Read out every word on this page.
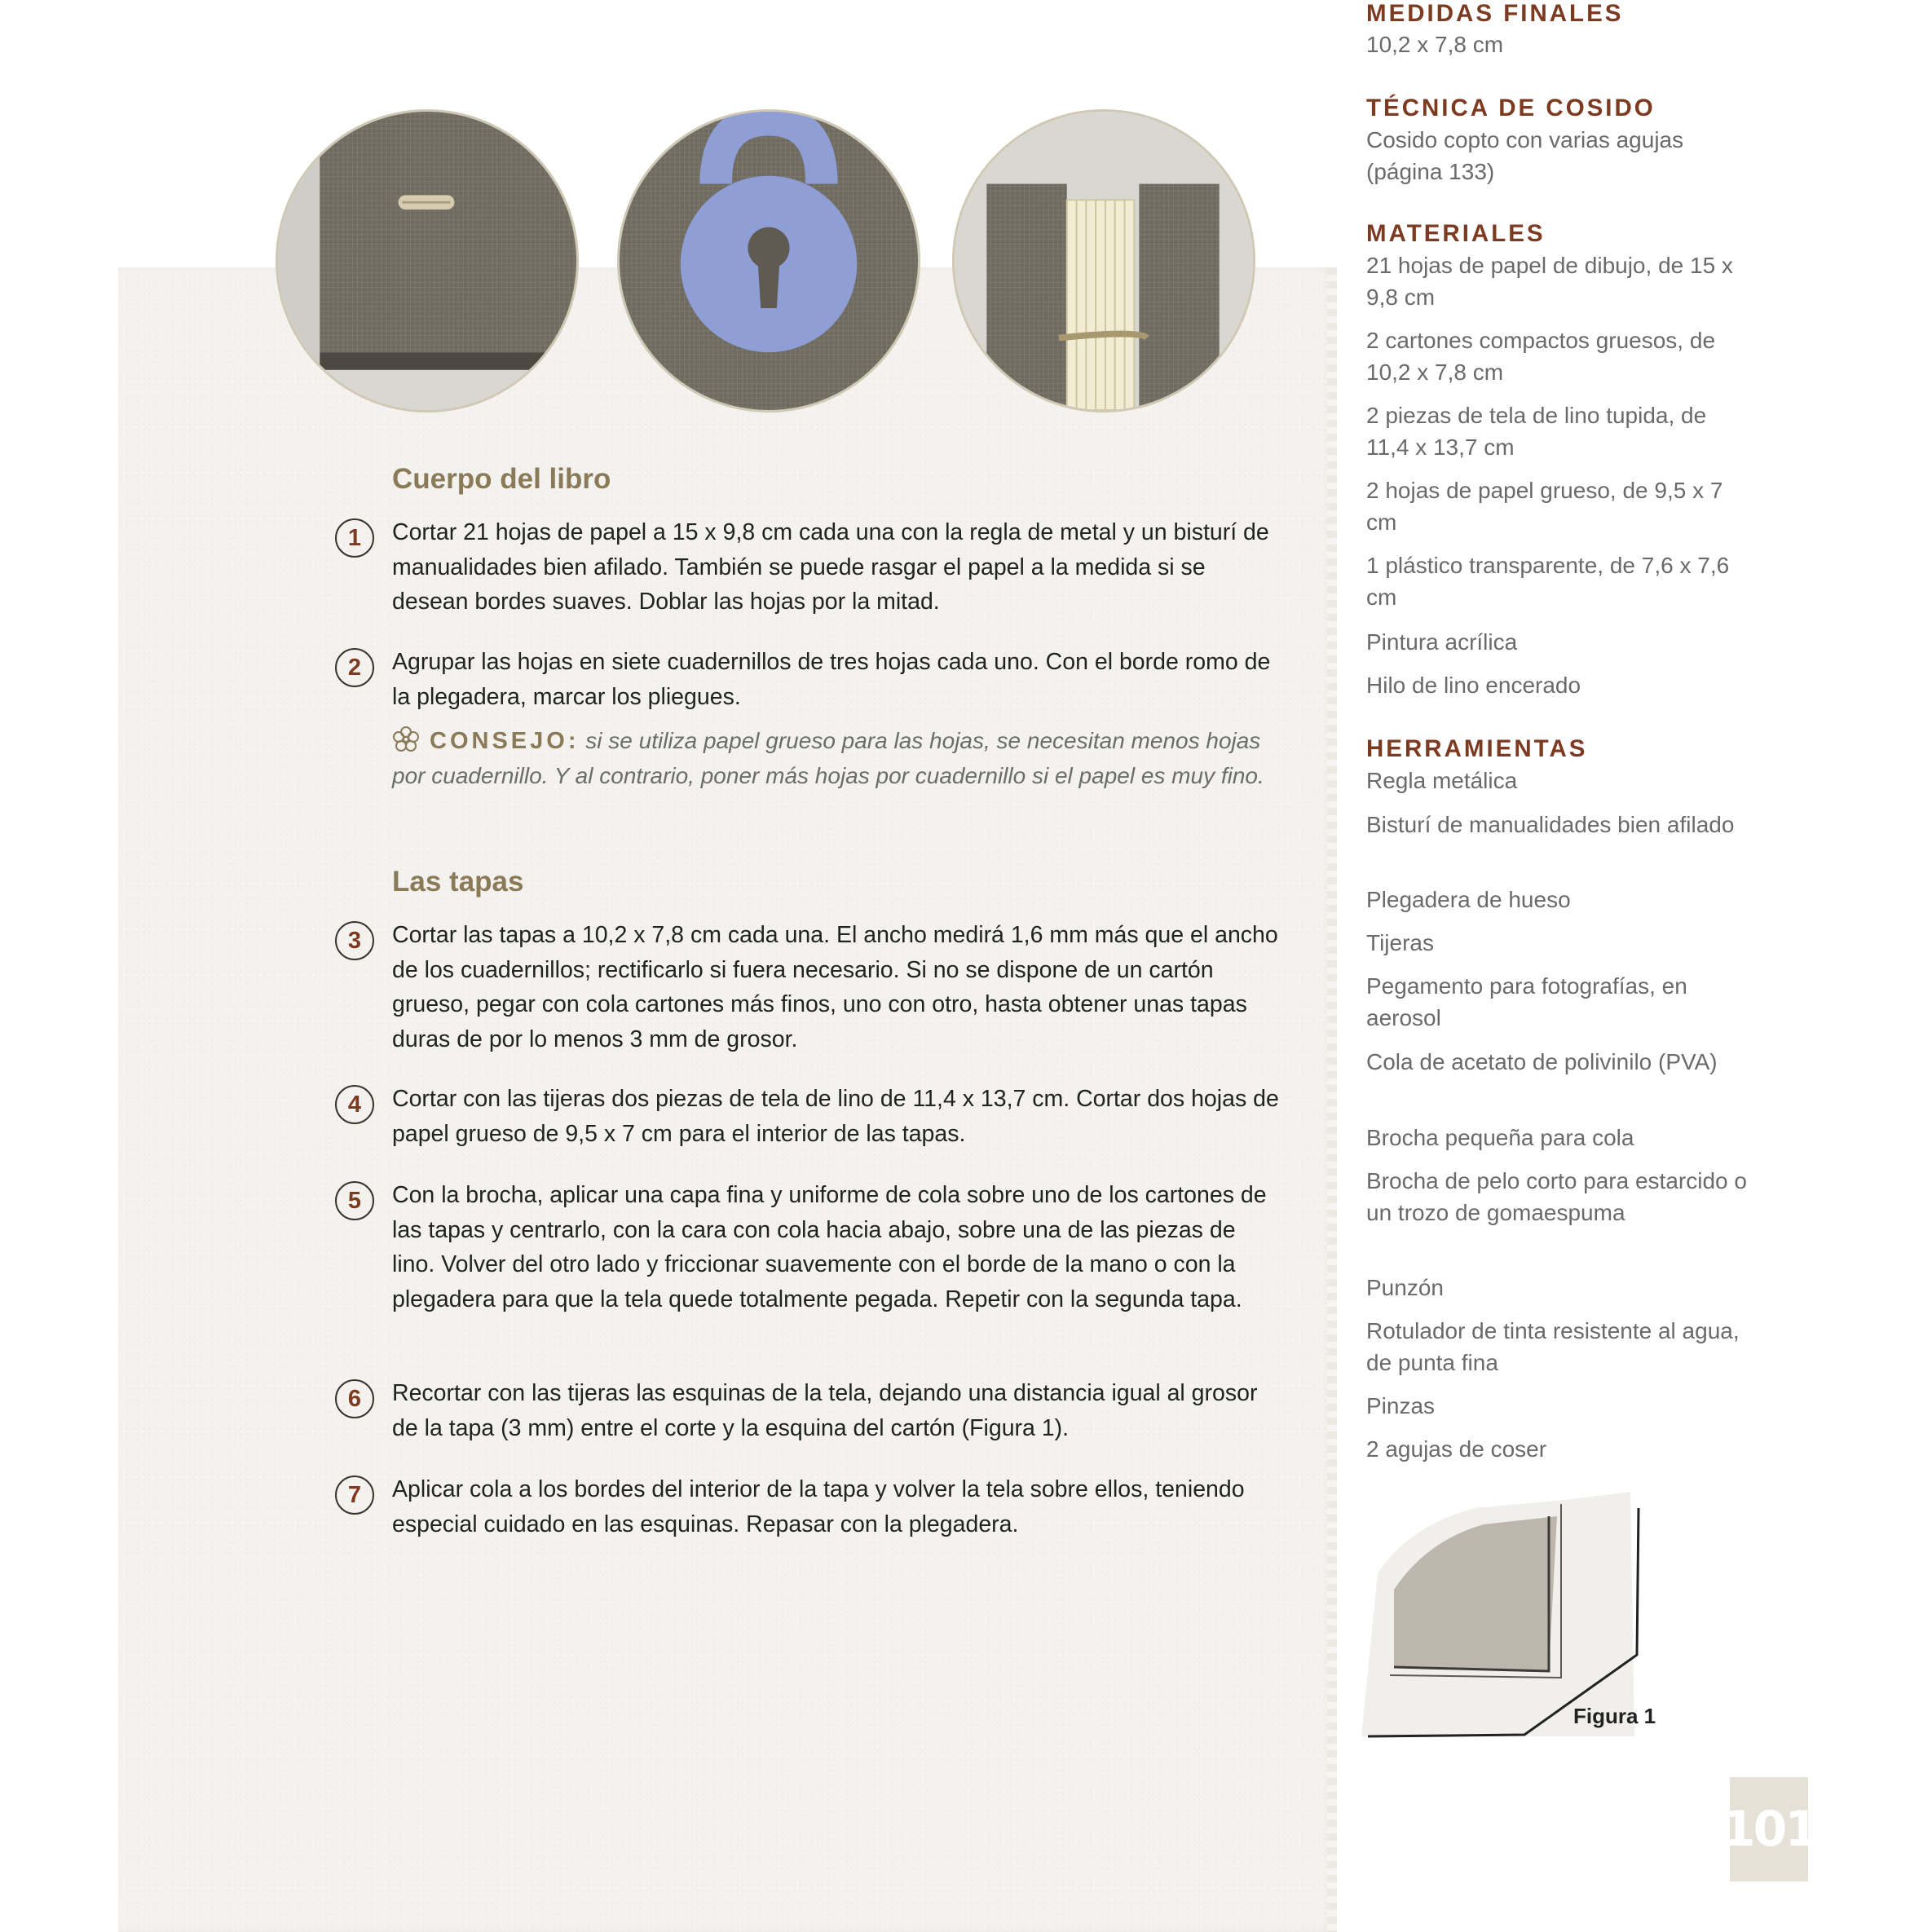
Cuerpo del libro
1	Cortar 21 hojas de papel a 15 x 9,8 cm cada una con la regla de metal y un bisturí de manualidades bien afilado. También se puede rasgar el papel a la medida si se desean bordes suaves. Doblar las hojas por la mitad.
2	Agrupar las hojas en siete cuadernillos de tres hojas cada uno. Con el borde romo de la plegadera, marcar los pliegues.
CONSEJO: si se utiliza papel grueso para las hojas, se necesitan menos hojas por cuadernillo. Y al contrario, poner más hojas por cuadernillo si el papel es muy fino.
Las tapas
3	Cortar las tapas a 10,2 x 7,8 cm cada una. El ancho medirá 1,6 mm más que el ancho de los cuadernillos; rectificarlo si fuera necesario. Si no se dispone de un cartón grueso, pegar con cola cartones más finos, uno con otro, hasta obtener unas tapas duras de por lo menos 3 mm de grosor.
4	Cortar con las tijeras dos piezas de tela de lino de 11,4 x 13,7 cm. Cortar dos hojas de papel grueso de 9,5 x 7 cm para el interior de las tapas.
5	Con la brocha, aplicar una capa fina y uniforme de cola sobre uno de los cartones de las tapas y centrarlo, con la cara con cola hacia abajo, sobre una de las piezas de lino. Volver del otro lado y friccionar suavemente con el borde de la mano o con la plegadera para que la tela quede totalmente pegada. Repetir con la segunda tapa.
6	Recortar con las tijeras las esquinas de la tela, dejando una distancia igual al grosor de la tapa (3 mm) entre el corte y la esquina del cartón (Figura 1).
7	Aplicar cola a los bordes del interior de la tapa y volver la tela sobre ellos, teniendo especial cuidado en las esquinas. Repasar con la plegadera.
MEDIDAS FINALES
10,2 x 7,8 cm
TÉCNICA DE COSIDO
Cosido copto con varias agujas (página 133)
MATERIALES
21 hojas de papel de dibujo, de 15 x 9,8 cm
2 cartones compactos gruesos, de 10,2 x 7,8 cm
2 piezas de tela de lino tupida, de 11,4 x 13,7 cm
2 hojas de papel grueso, de 9,5 x 7 cm
1 plástico transparente, de 7,6 x 7,6 cm
Pintura acrílica
Hilo de lino encerado
HERRAMIENTAS
Regla metálica
Bisturí de manualidades bien afilado
Plegadera de hueso
Tijeras
Pegamento para fotografías, en aerosol
Cola de acetato de polivinilo (PVA)
Brocha pequeña para cola
Brocha de pelo corto para estarcido o un trozo de gomaespuma
Punzón
Rotulador de tinta resistente al agua, de punta fina
Pinzas
2 agujas de coser
Figura 1
101
